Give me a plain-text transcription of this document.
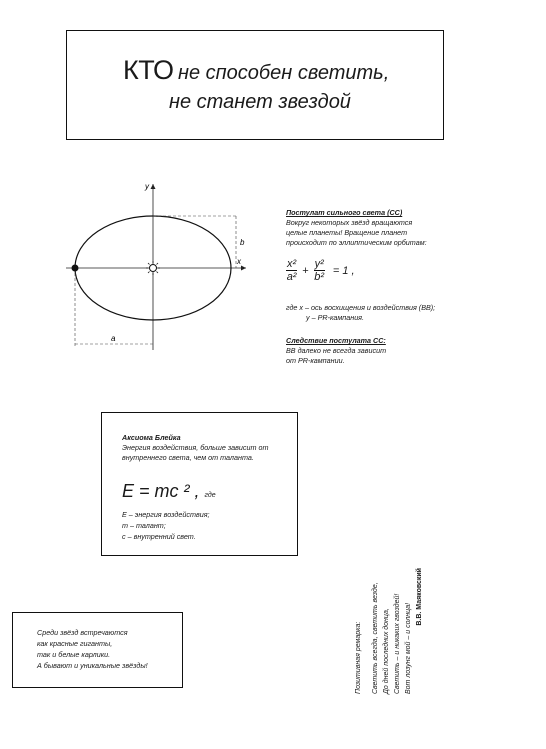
КТО не способен светить,
не станет звездой
y
x
b
a
Постулат сильного света (СС)
Вокруг некоторых звёзд вращаются
целые планеты! Вращение планет
происходит по эллиптическим орбитам:
$\frac{\text{x²}}{\text{a²}} + \frac{\text{y²}}{\text{b²}} = 1$ ,
где x – ось восхищения и воздействия (ВВ);
y – PR-кампания.
Следствие постулата СС:
ВВ далеко не всегда зависит
от PR-кампании.
Аксиома Блейка
Энергия воздействия, больше зависит от
внутреннего света, чем от таланта.
E = mc ² , где
E – энергия воздействия;
m – талант;
c – внутренний свет.
Среди звёзд встречаются
как красные гиганты,
так и белые карлики.
А бывают и уникальные звёзды!	Позитивная ремарка: Светить всегда, светить везде, До дней последних донца, Светить – и никаких гвоздей! Вот лозунг мой – и солнца!
В.В. Маяковский
